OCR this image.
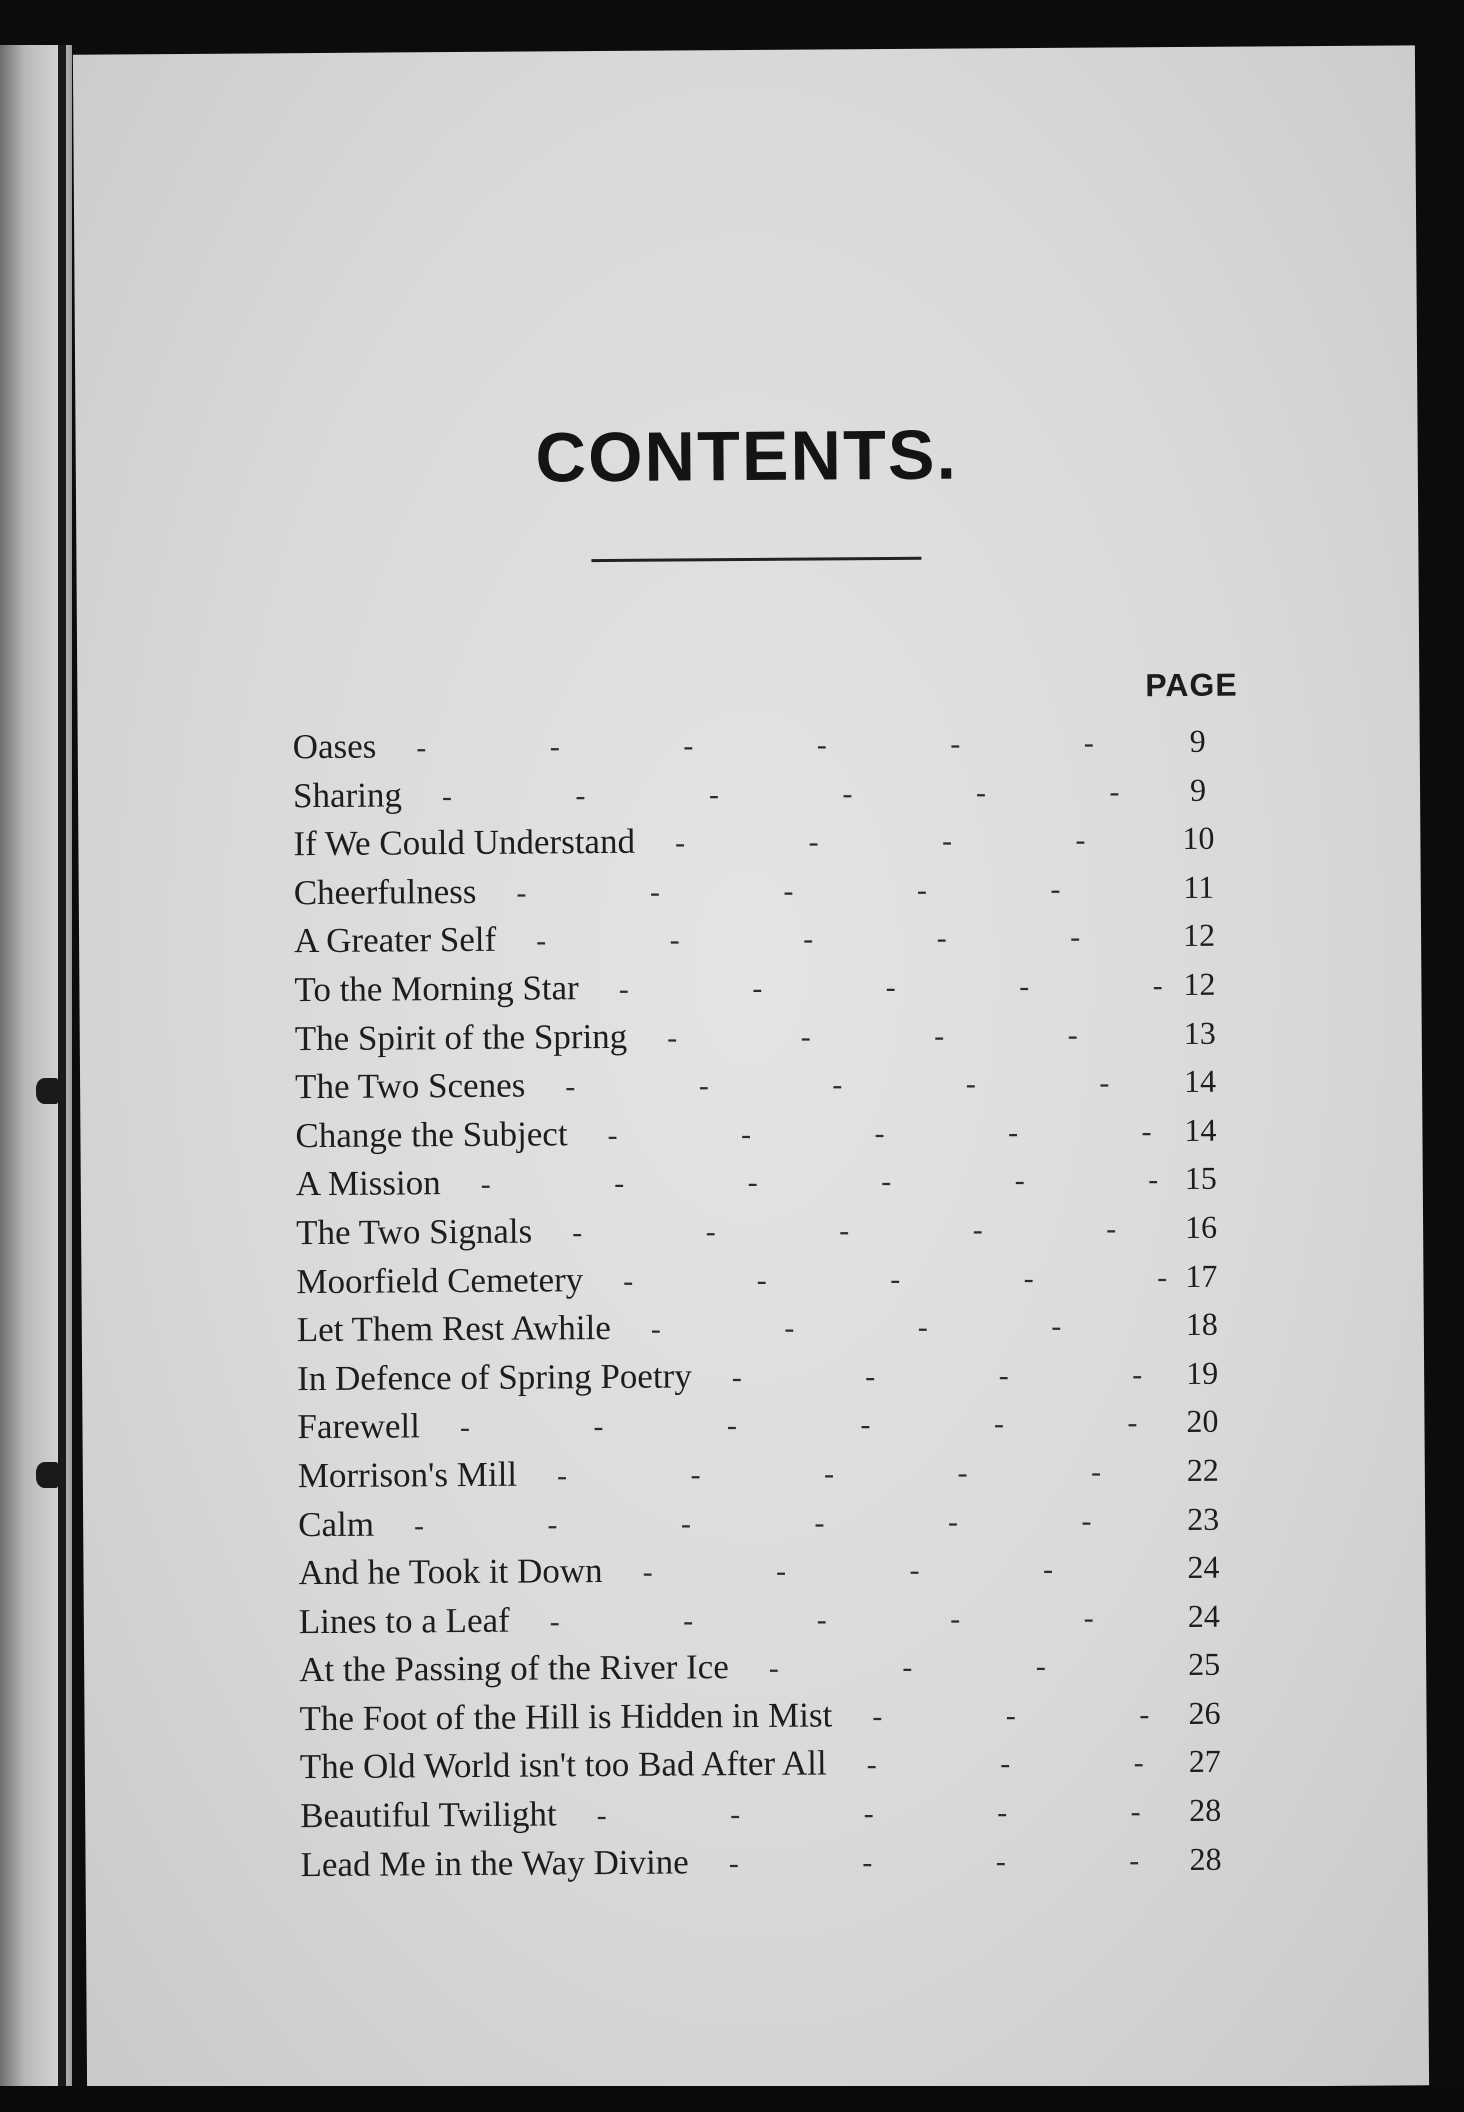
CONTENTS.
PAGE
Oases - - -	9
Sharing - - -	9
If We Could Understand - - -	10
Cheerfulness - - -	11
A Greater Self - - -	12
To the Morning Star - - -	12
The Spirit of the Spring - - -	13
The Two Scenes - - -	14
Change the Subject - - -	14
A Mission - - -	15
The Two Signals - - -	16
Moorfield Cemetery - - -	17
Let Them Rest Awhile - - -	18
In Defence of Spring Poetry - - -	19
Farewell - - -	20
Morrison's Mill - - -	22
Calm - - -	23
And he Took it Down - - -	24
Lines to a Leaf - - -	24
At the Passing of the River Ice - - -	25
The Foot of the Hill is Hidden in Mist - - -	26
The Old World isn't too Bad After All - - -	27
Beautiful Twilight - - -	28
Lead Me in the Way Divine - - -	28
